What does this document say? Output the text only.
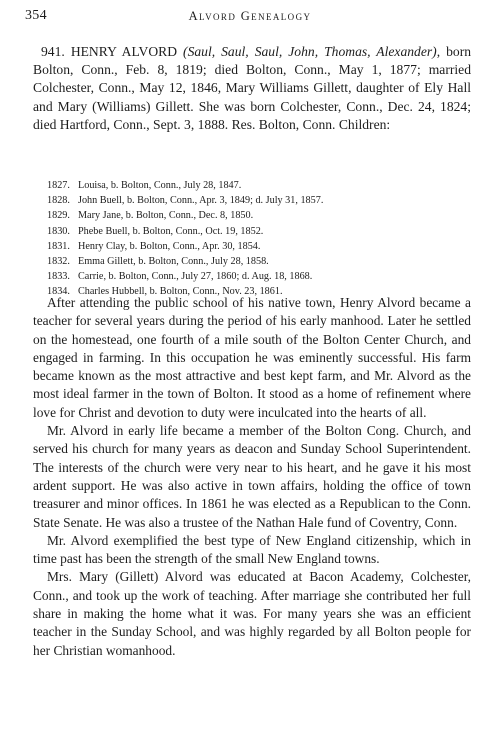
354	Alvord Genealogy

941. HENRY ALVORD (Saul, Saul, Saul, John, Thomas, Alexander), born Bolton, Conn., Feb. 8, 1819; died Bolton, Conn., May 1, 1877; married Colchester, Conn., May 12, 1846, Mary Williams Gillett, daughter of Ely Hall and Mary (Williams) Gillett. She was born Colchester, Conn., Dec. 24, 1824; died Hartford, Conn., Sept. 3, 1888. Res. Bolton, Conn. Children:

1827. Louisa, b. Bolton, Conn., July 28, 1847.
1828. John Buell, b. Bolton, Conn., Apr. 3, 1849; d. July 31, 1857.
1829. Mary Jane, b. Bolton, Conn., Dec. 8, 1850.
1830. Phebe Buell, b. Bolton, Conn., Oct. 19, 1852.
1831. Henry Clay, b. Bolton, Conn., Apr. 30, 1854.
1832. Emma Gillett, b. Bolton, Conn., July 28, 1858.
1833. Carrie, b. Bolton, Conn., July 27, 1860; d. Aug. 18, 1868.
1834. Charles Hubbell, b. Bolton, Conn., Nov. 23, 1861.

After attending the public school of his native town, Henry Alvord became a teacher for several years during the period of his early manhood. Later he settled on the homestead, one fourth of a mile south of the Bolton Center Church, and engaged in farming. In this occupation he was eminently successful. His farm became known as the most attractive and best kept farm, and Mr. Alvord as the most ideal farmer in the town of Bolton. It stood as a home of refinement where love for Christ and devotion to duty were inculcated into the hearts of all.

Mr. Alvord in early life became a member of the Bolton Cong. Church, and served his church for many years as deacon and Sunday School Superintendent. The interests of the church were very near to his heart, and he gave it his most ardent support. He was also active in town affairs, holding the office of town treasurer and minor offices. In 1861 he was elected as a Republican to the Conn. State Senate. He was also a trustee of the Nathan Hale fund of Coventry, Conn.

Mr. Alvord exemplified the best type of New England citizenship, which in time past has been the strength of the small New England towns.

Mrs. Mary (Gillett) Alvord was educated at Bacon Academy, Colchester, Conn., and took up the work of teaching. After marriage she contributed her full share in making the home what it was. For many years she was an efficient teacher in the Sunday School, and was highly regarded by all Bolton people for her Christian womanhood.
